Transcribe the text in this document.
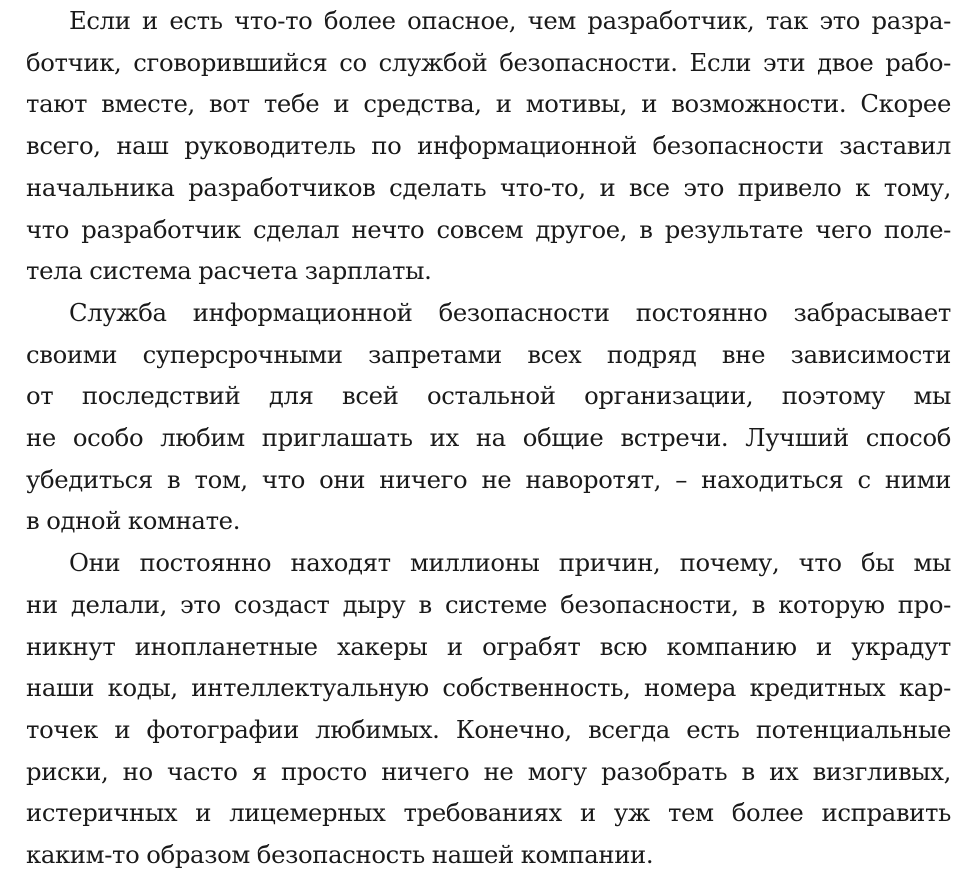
Если и есть что-то более опасное, чем разработчик, так это разра-
ботчик, сговорившийся со службой безопасности. Если эти двое рабо-
тают вместе, вот тебе и средства, и мотивы, и возможности. Скорее
всего, наш руководитель по информационной безопасности заставил
начальника разработчиков сделать что-то, и все это привело к тому,
что разработчик сделал нечто совсем другое, в результате чего поле-
тела система расчета зарплаты.

Служба информационной безопасности постоянно забрасывает
своими суперсрочными запретами всех подряд вне зависимости
от последствий для всей остальной организации, поэтому мы
не особо любим приглашать их на общие встречи. Лучший способ
убедиться в том, что они ничего не наворотят, – находиться с ними
в одной комнате.

Они постоянно находят миллионы причин, почему, что бы мы
ни делали, это создаст дыру в системе безопасности, в которую про-
никнут инопланетные хакеры и ограбят всю компанию и украдут
наши коды, интеллектуальную собственность, номера кредитных кар-
точек и фотографии любимых. Конечно, всегда есть потенциальные
риски, но часто я просто ничего не могу разобрать в их визгливых,
истеричных и лицемерных требованиях и уж тем более исправить
каким-то образом безопасность нашей компании.
